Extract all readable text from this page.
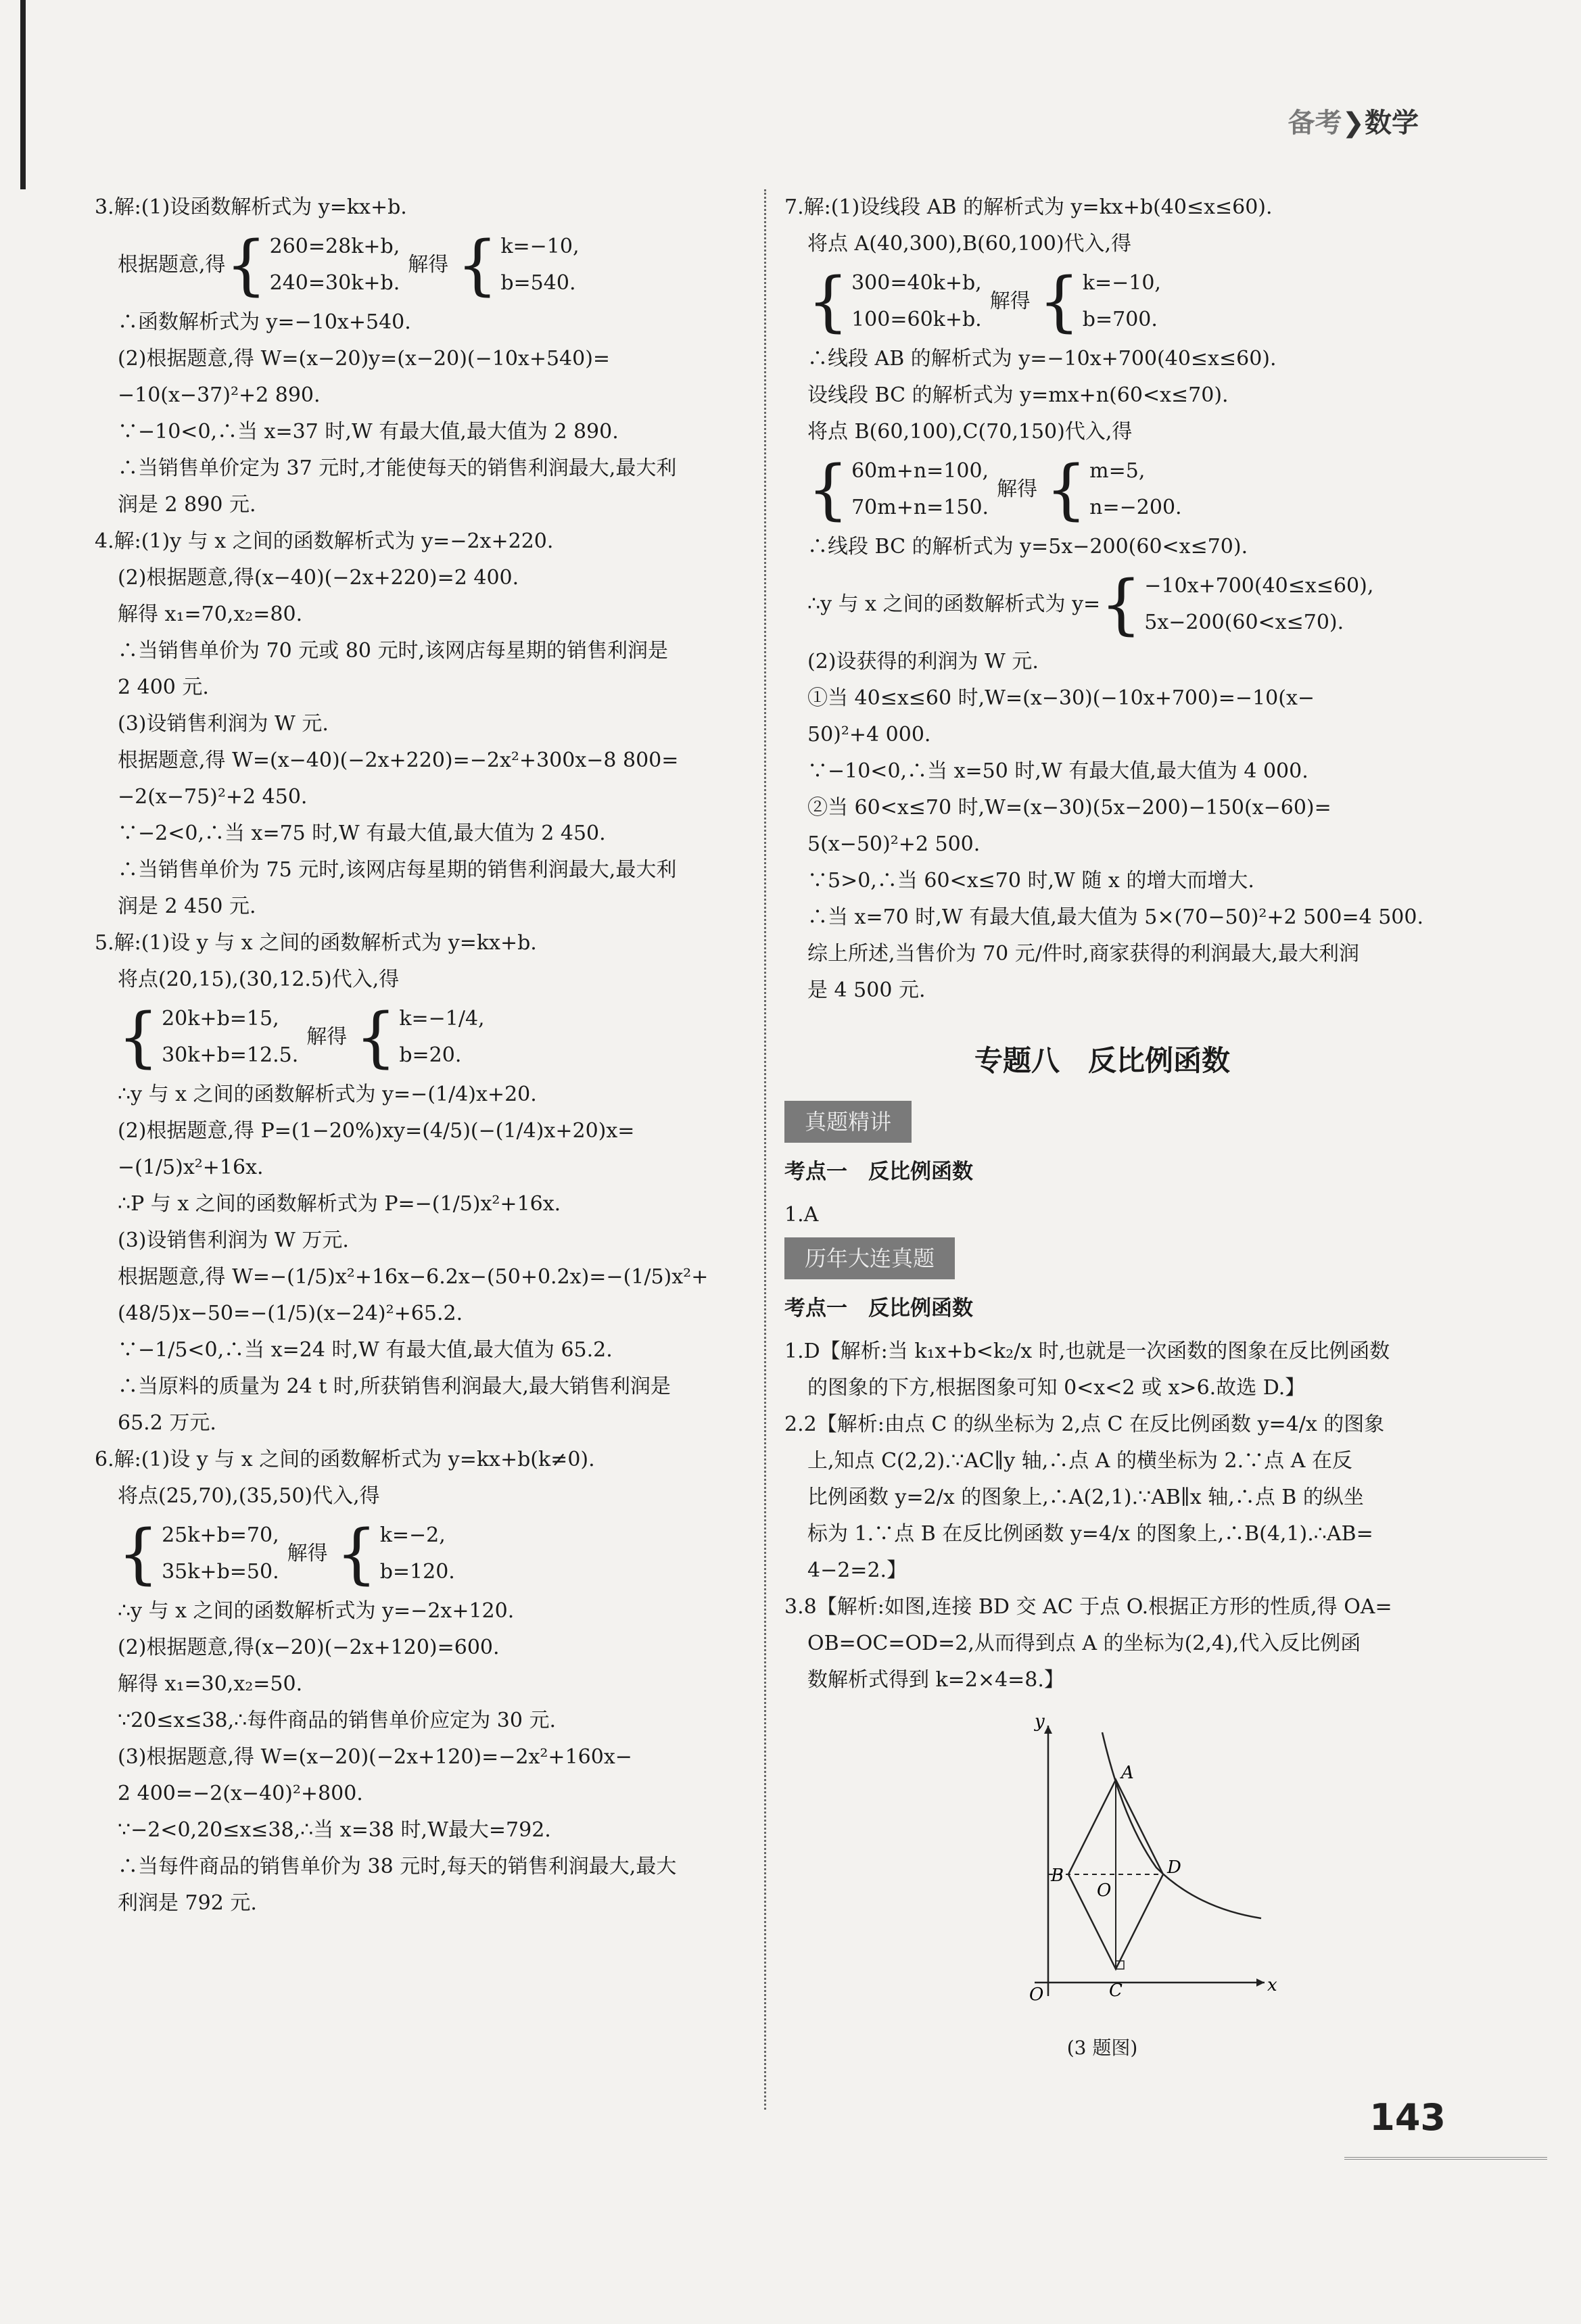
备考❯数学
3.解:(1)设函数解析式为 y=kx+b.
根据题意,得 { 260=28k+b,
240=30k+b.
解得 { k=−10,
b=540.
∴函数解析式为 y=−10x+540.
(2)根据题意,得 W=(x−20)y=(x−20)(−10x+540)=
−10(x−37)²+2 890.
∵−10<0,∴当 x=37 时,W 有最大值,最大值为 2 890.
∴当销售单价定为 37 元时,才能使每天的销售利润最大,最大利
润是 2 890 元.
4.解:(1)y 与 x 之间的函数解析式为 y=−2x+220.
(2)根据题意,得(x−40)(−2x+220)=2 400.
解得 x₁=70,x₂=80.
∴当销售单价为 70 元或 80 元时,该网店每星期的销售利润是
2 400 元.
(3)设销售利润为 W 元.
根据题意,得 W=(x−40)(−2x+220)=−2x²+300x−8 800=
−2(x−75)²+2 450.
∵−2<0,∴当 x=75 时,W 有最大值,最大值为 2 450.
∴当销售单价为 75 元时,该网店每星期的销售利润最大,最大利
润是 2 450 元.
5.解:(1)设 y 与 x 之间的函数解析式为 y=kx+b.
将点(20,15),(30,12.5)代入,得
{ 20k+b=15,
30k+b=12.5.
解得 { k=−1/4,
b=20.
∴y 与 x 之间的函数解析式为 y=−(1/4)x+20.
(2)根据题意,得 P=(1−20%)xy=(4/5)(−(1/4)x+20)x=
−(1/5)x²+16x.
∴P 与 x 之间的函数解析式为 P=−(1/5)x²+16x.
(3)设销售利润为 W 万元.
根据题意,得 W=−(1/5)x²+16x−6.2x−(50+0.2x)=−(1/5)x²+
(48/5)x−50=−(1/5)(x−24)²+65.2.
∵−1/5<0,∴当 x=24 时,W 有最大值,最大值为 65.2.
∴当原料的质量为 24 t 时,所获销售利润最大,最大销售利润是
65.2 万元.
6.解:(1)设 y 与 x 之间的函数解析式为 y=kx+b(k≠0).
将点(25,70),(35,50)代入,得
{ 25k+b=70,
35k+b=50.
解得 { k=−2,
b=120.
∴y 与 x 之间的函数解析式为 y=−2x+120.
(2)根据题意,得(x−20)(−2x+120)=600.
解得 x₁=30,x₂=50.
∵20≤x≤38,∴每件商品的销售单价应定为 30 元.
(3)根据题意,得 W=(x−20)(−2x+120)=−2x²+160x−
2 400=−2(x−40)²+800.
∵−2<0,20≤x≤38,∴当 x=38 时,W最大=792.
∴当每件商品的销售单价为 38 元时,每天的销售利润最大,最大
利润是 792 元.
7.解:(1)设线段 AB 的解析式为 y=kx+b(40≤x≤60).
将点 A(40,300),B(60,100)代入,得
{ 300=40k+b,
100=60k+b.
解得 { k=−10,
b=700.
∴线段 AB 的解析式为 y=−10x+700(40≤x≤60).
设线段 BC 的解析式为 y=mx+n(60<x≤70).
将点 B(60,100),C(70,150)代入,得
{ 60m+n=100,
70m+n=150.
解得 { m=5,
n=−200.
∴线段 BC 的解析式为 y=5x−200(60<x≤70).
∴y 与 x 之间的函数解析式为 y= { −10x+700(40≤x≤60),
5x−200(60<x≤70).
(2)设获得的利润为 W 元.
①当 40≤x≤60 时,W=(x−30)(−10x+700)=−10(x−
50)²+4 000.
∵−10<0,∴当 x=50 时,W 有最大值,最大值为 4 000.
②当 60<x≤70 时,W=(x−30)(5x−200)−150(x−60)=
5(x−50)²+2 500.
∵5>0,∴当 60<x≤70 时,W 随 x 的增大而增大.
∴当 x=70 时,W 有最大值,最大值为 5×(70−50)²+2 500=4 500.
综上所述,当售价为 70 元/件时,商家获得的利润最大,最大利润
是 4 500 元.
专题八　反比例函数
真题精讲
考点一　反比例函数
1.A
历年大连真题
考点一　反比例函数
1.D【解析:当 k₁x+b<k₂/x 时,也就是一次函数的图象在反比例函数
的图象的下方,根据图象可知 0<x<2 或 x>6.故选 D.】
2.2【解析:由点 C 的纵坐标为 2,点 C 在反比例函数 y=4/x 的图象
上,知点 C(2,2).∵AC∥y 轴,∴点 A 的横坐标为 2.∵点 A 在反
比例函数 y=2/x 的图象上,∴A(2,1).∵AB∥x 轴,∴点 B 的纵坐
标为 1.∵点 B 在反比例函数 y=4/x 的图象上,∴B(4,1).∴AB=
4−2=2.】
3.8【解析:如图,连接 BD 交 AC 于点 O.根据正方形的性质,得 OA=
OB=OC=OD=2,从而得到点 A 的坐标为(2,4),代入反比例函
数解析式得到 k=2×4=8.】
y
x
O
A
B
C
D
O
(3 题图)
143
